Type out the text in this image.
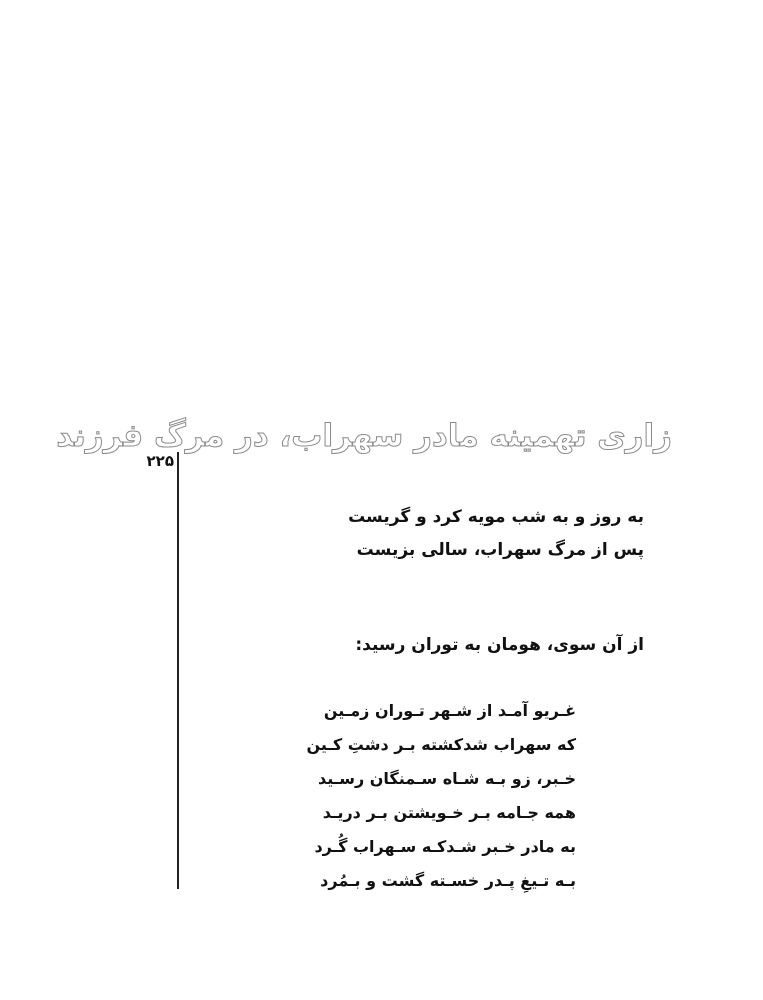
۲۲۵
زاری تهمینه مادر سهراب، در مرگ فرزند
به روز و به شب مویه کرد و گریست
پس از مرگ سهراب، سالی بزیست
از آن سوی، هومان به توران رسید:
غـریو آمـد از شـهر تـوران زمـین
که سهراب شدکشته بـر دشتِ کـین
خـبر، زو بـه شـاه سـمنگان رسـید
همه جـامه بـر خـویشتن بـر دریـد
به مادر خـبر شـدکـه سـهراب گُـرد
بـه تـیغِ پـدر خسـته گشت و بـمُرد
